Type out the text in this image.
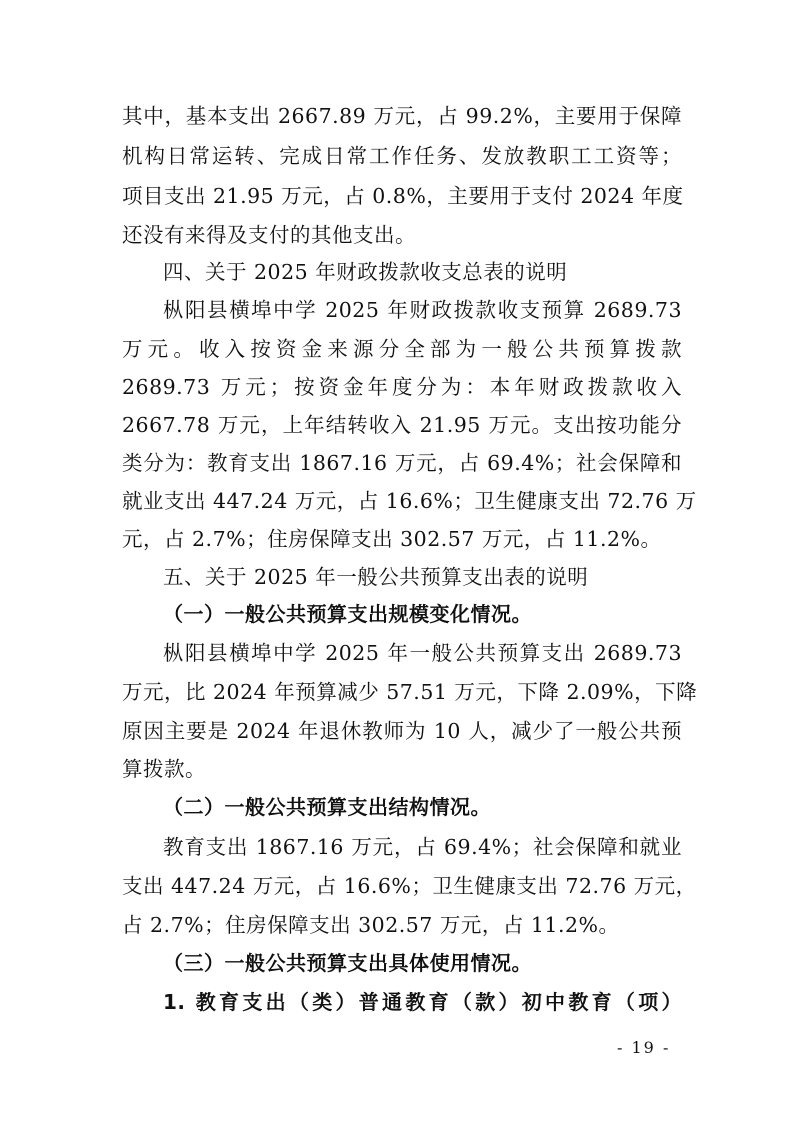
其中，基本支出 2667.89 万元，占 99.2%，主要用于保障
机构日常运转、完成日常工作任务、发放教职工工资等；
项目支出 21.95 万元，占 0.8%，主要用于支付 2024 年度
还没有来得及支付的其他支出。
四、关于 2025 年财政拨款收支总表的说明
枞阳县横埠中学 2025 年财政拨款收支预算 2689.73
万元。收入按资金来源分全部为一般公共预算拨款
2689.73 万元；按资金年度分为：本年财政拨款收入
2667.78 万元，上年结转收入 21.95 万元。支出按功能分
类分为：教育支出 1867.16 万元，占 69.4%；社会保障和
就业支出 447.24 万元，占 16.6%；卫生健康支出 72.76 万
元，占 2.7%；住房保障支出 302.57 万元，占 11.2%。
五、关于 2025 年一般公共预算支出表的说明
（一）一般公共预算支出规模变化情况。
枞阳县横埠中学 2025 年一般公共预算支出 2689.73
万元，比 2024 年预算减少 57.51 万元，下降 2.09%，下降
原因主要是 2024 年退休教师为 10 人，减少了一般公共预
算拨款。
（二）一般公共预算支出结构情况。
教育支出 1867.16 万元，占 69.4%；社会保障和就业
支出 447.24 万元，占 16.6%；卫生健康支出 72.76 万元，
占 2.7%；住房保障支出 302.57 万元，占 11.2%。
（三）一般公共预算支出具体使用情况。
1. 教育支出（类）普通教育（款）初中教育（项）
- 19 -
